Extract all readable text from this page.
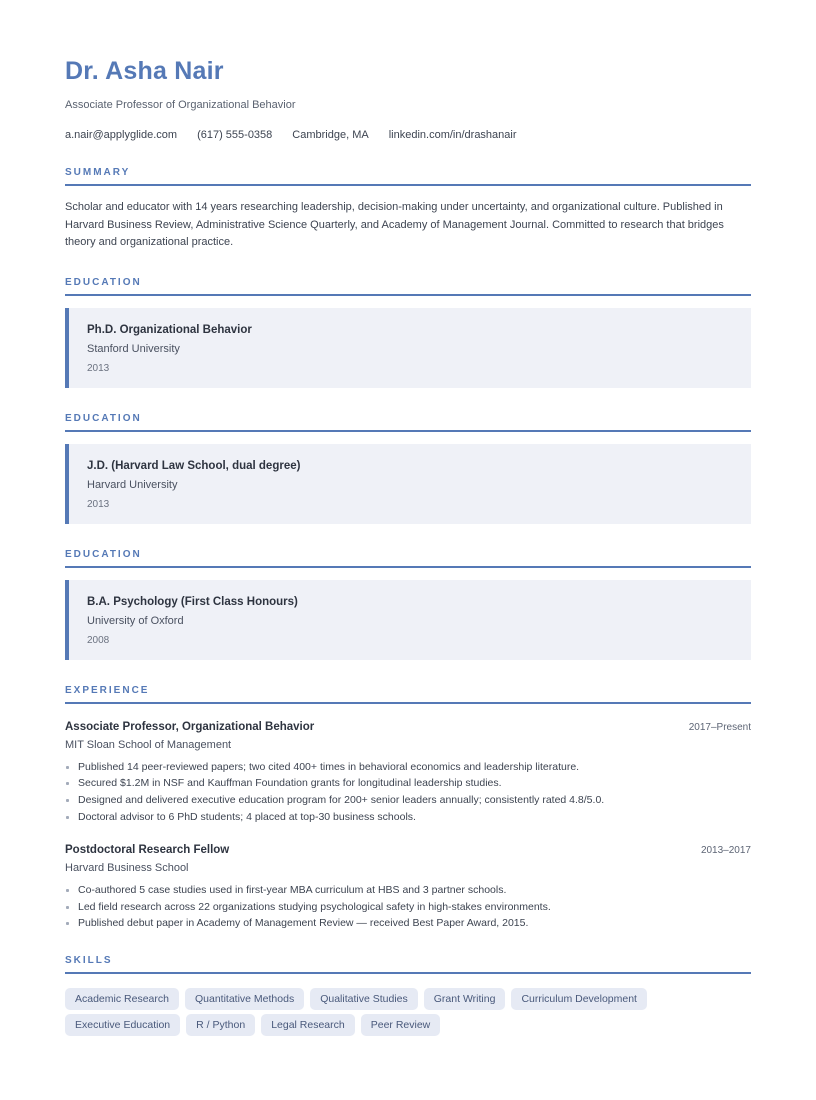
Dr. Asha Nair
Associate Professor of Organizational Behavior
a.nair@applyglide.com (617) 555-0358 Cambridge, MA linkedin.com/in/drashanair
SUMMARY

Scholar and educator with 14 years researching leadership, decision-making under uncertainty, and organizational culture. Published in Harvard Business Review, Administrative Science Quarterly, and Academy of Management Journal. Committed to research that bridges theory and organizational practice.

EDUCATION
Ph.D. Organizational Behavior
Stanford University
2013
EDUCATION
J.D. (Harvard Law School, dual degree)
Harvard University
2013
EDUCATION
B.A. Psychology (First Class Honours)
University of Oxford
2008
EXPERIENCE
Associate Professor, Organizational Behavior	2017–Present
MIT Sloan School of Management
Published 14 peer-reviewed papers; two cited 400+ times in behavioral economics and leadership literature.
Secured $1.2M in NSF and Kauffman Foundation grants for longitudinal leadership studies.
Designed and delivered executive education program for 200+ senior leaders annually; consistently rated 4.8/5.0.
Doctoral advisor to 6 PhD students; 4 placed at top-30 business schools.
Postdoctoral Research Fellow	2013–2017
Harvard Business School
Co-authored 5 case studies used in first-year MBA curriculum at HBS and 3 partner schools.
Led field research across 22 organizations studying psychological safety in high-stakes environments.
Published debut paper in Academy of Management Review — received Best Paper Award, 2015.
SKILLS
Academic Research	Quantitative Methods	Qualitative Studies	Grant Writing	Curriculum Development
Executive Education	R / Python	Legal Research	Peer Review
